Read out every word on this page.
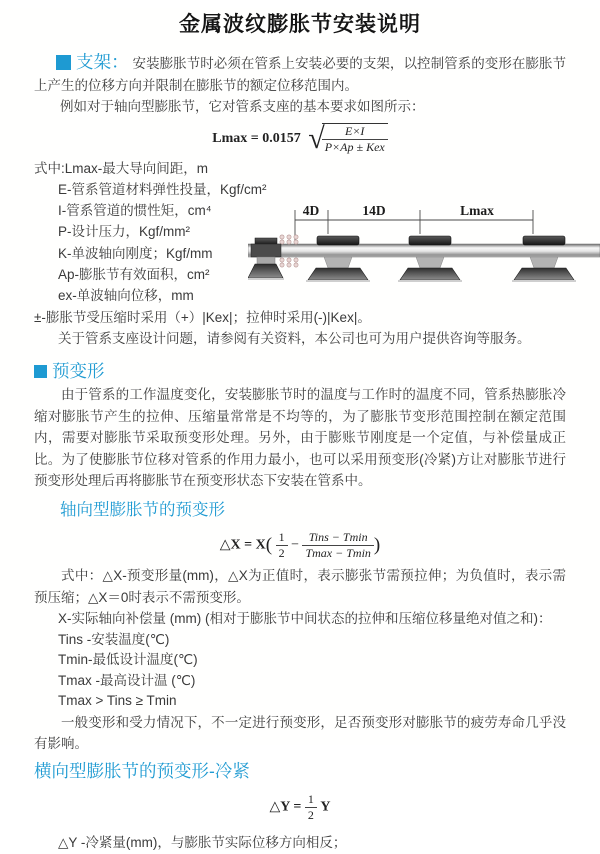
金属波纹膨胀节安装说明

支架： 安装膨胀节时必须在管系上安装必要的支架，以控制管系的变形在膨胀节上产生的位移方向并限制在膨胀节的额定位移范围内。

例如对于轴向型膨胀节，它对管系支座的基本要求如图所示：

Lmax = 0.0157 √
$\frac{E\times I}{\text{P×Ap ± Kex}}$
式中:Lmax-最大导向间距，m
E-管系管道材料弹性投量，Kgf/cm²
I-管系管道的惯性矩，cm⁴
P-设计压力，Kgf/mm²
K-单波轴向刚度；Kgf/mm
Ap-膨胀节有效面积，cm²
ex-单波轴向位移，mm

±-膨胀节受压缩时采用（+）|Kex|；拉伸时采用(-)|Kex|。

关于管系支座设计问题，请参阅有关资料，本公司也可为用户提供咨询等服务。

预变形

由于管系的工作温度变化，安装膨胀节时的温度与工作时的温度不同，管系热膨胀冷缩对膨胀节产生的拉伸、压缩量常常是不均等的，为了膨胀节变形范围控制在额定范围内，需要对膨胀节采取预变形处理。另外，由于膨账节刚度是一个定值，与补偿量成正比。为了使膨胀节位移对管系的作用力最小，也可以采用预变形(冷紧)方让对膨胀节进行预变形处理后再将膨胀节在预变形状态下安装在管系中。

轴向型膨胀节的预变形

△X = $X( \frac{1}{2} - \frac{\text{Tins − Tmin}}{Tmax - Tmin}$ )

式中：△X-预变形量(mm)，△X为正值时，表示膨张节需预拉伸；为负值时，表示需预压缩；△X＝0时表示不需预变形。

X-实际轴向补偿量 (mm) (相对于膨胀节中间状态的拉伸和压缩位移量绝对值之和)：
Tins -安装温度(℃)
Tmin-最低设计温度(℃)
Tmax -最高设计温 (℃)
Tmax > Tins ≥ Tmin

一般变形和受力情况下，不一定进行预变形，足否预变形对膨胀节的疲劳寿命几乎没有影响。

横向型膨胀节的预变形-冷紧

△Y = $\frac{1}{2}$ Y
△Y -冷紧量(mm)，与膨胀节实际位移方向相反；
4D	14D	Lmax
